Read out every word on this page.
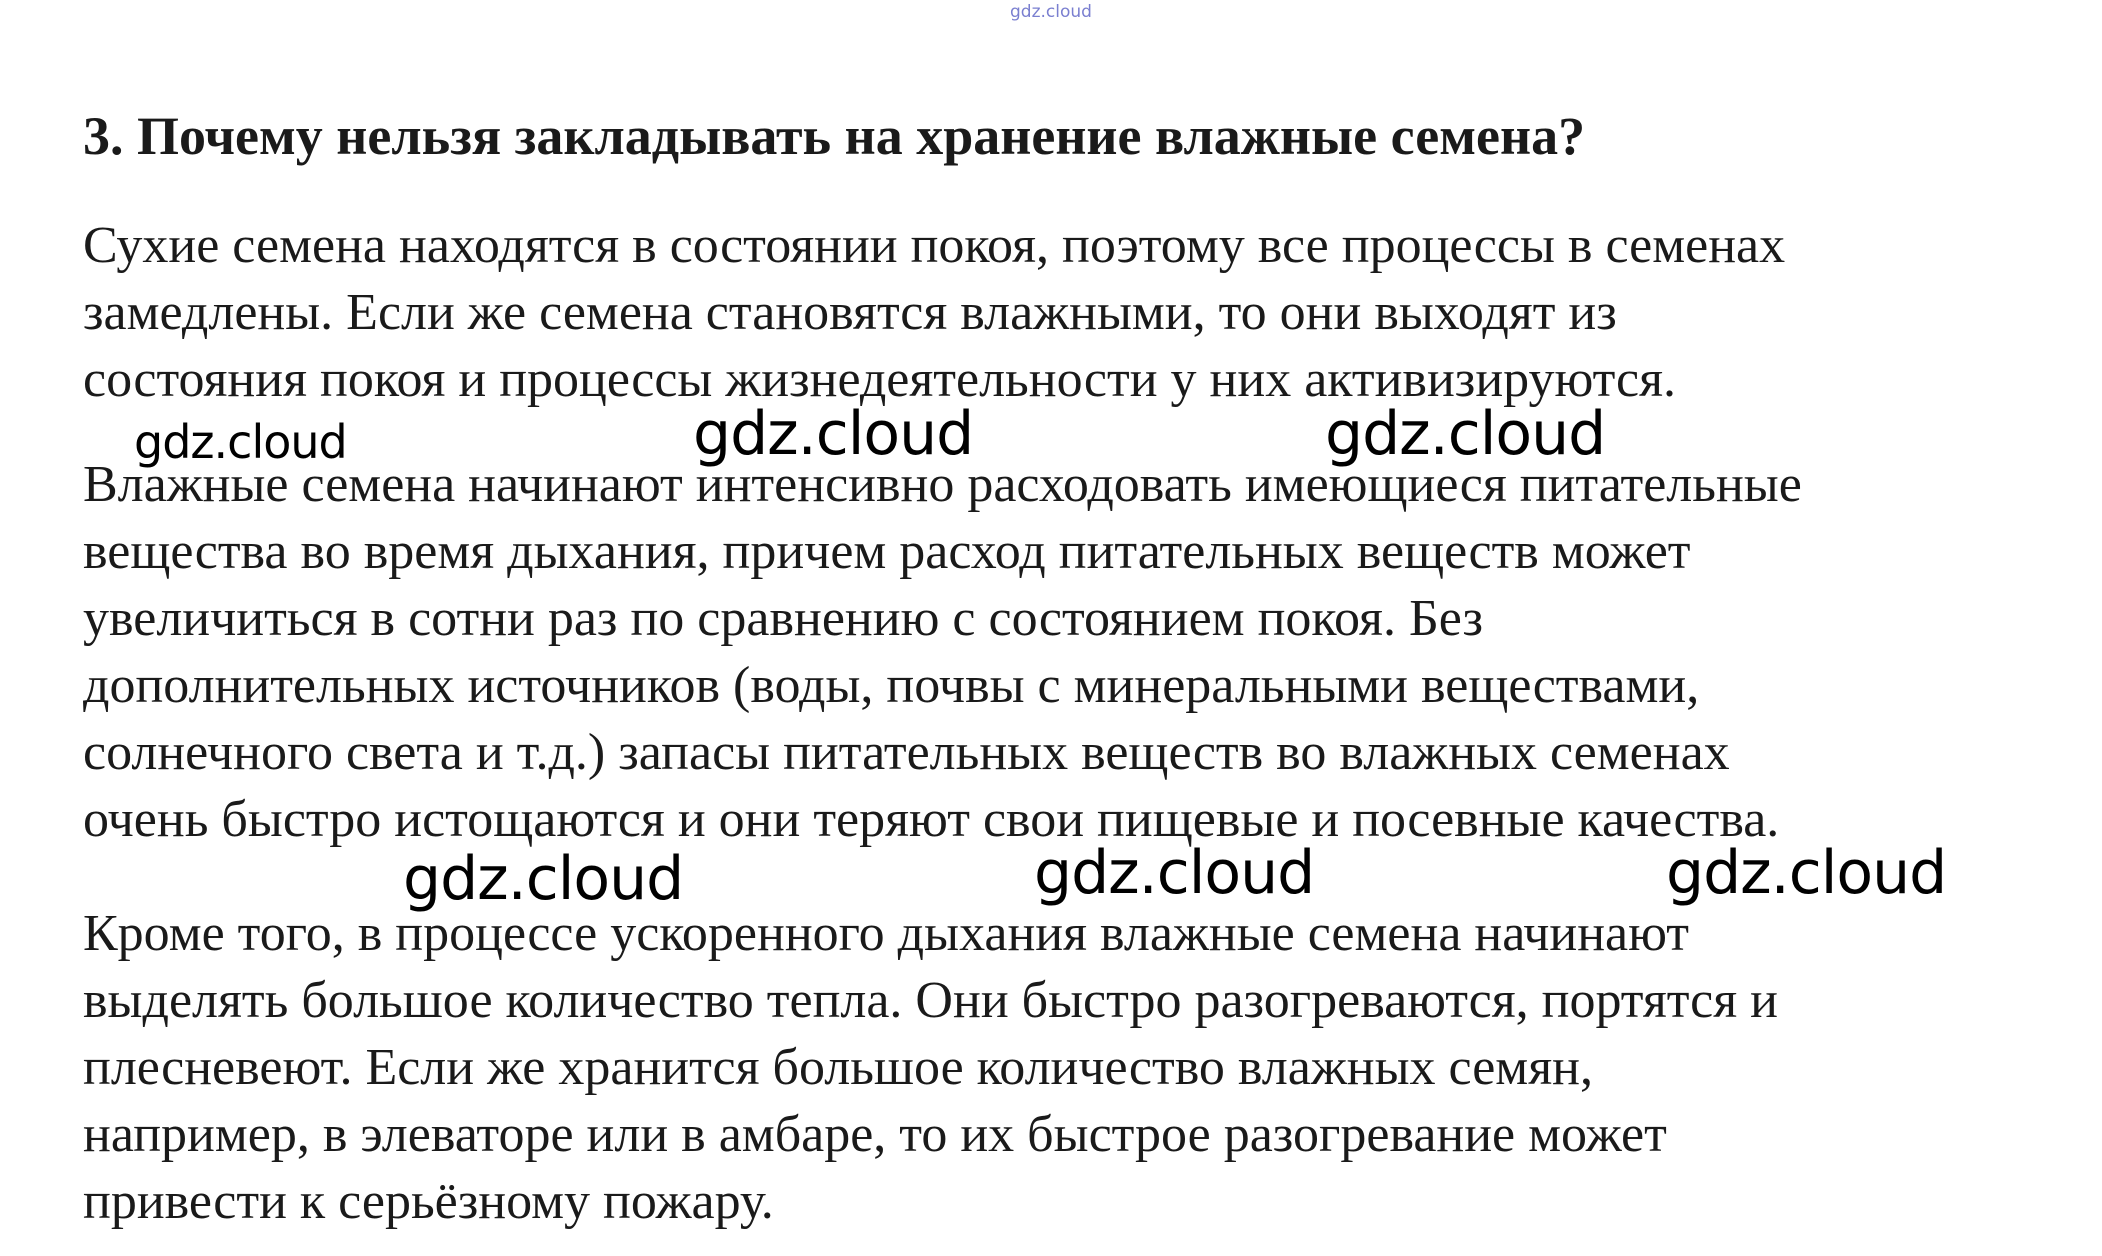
gdz.cloud
3. Почему нельзя закладывать на хранение влажные семена?

Сухие семена находятся в состоянии покоя, поэтому все процессы в семенах
замедлены. Если же семена становятся влажными, то они выходят из
состояния покоя и процессы жизнедеятельности у них активизируются.

Влажные семена начинают интенсивно расходовать имеющиеся питательные
вещества во время дыхания, причем расход питательных веществ может
увеличиться в сотни раз по сравнению с состоянием покоя. Без
дополнительных источников (воды, почвы с минеральными веществами,
солнечного света и т.д.) запасы питательных веществ во влажных семенах
очень быстро истощаются и они теряют свои пищевые и посевные качества.

Кроме того, в процессе ускоренного дыхания влажные семена начинают
выделять большое количество тепла. Они быстро разогреваются, портятся и
плесневеют. Если же хранится большое количество влажных семян,
например, в элеваторе или в амбаре, то их быстрое разогревание может
привести к серьёзному пожару.

gdz.cloud	gdz.cloud	gdz.cloud
gdz.cloud	gdz.cloud	gdz.cloud
